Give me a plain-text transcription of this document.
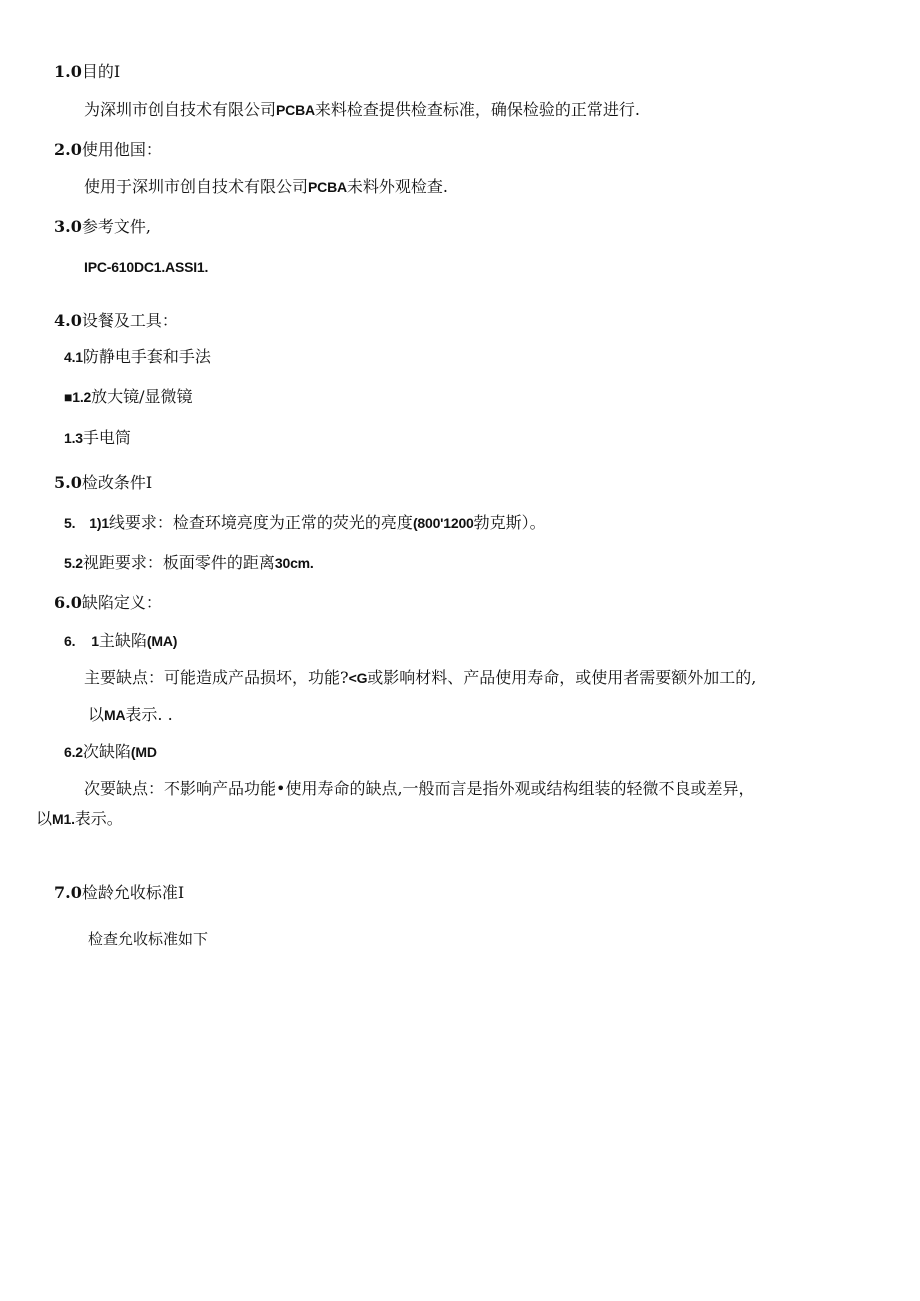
1.0目的I
为深圳市创自技术有限公司PCBA来料检查提供检查标准，确保检验的正常进行.
2.0使用他国：
使用于深圳市创自技术有限公司PCBA未料外观检查.
3.0参考文件,
IPC-610DC1.ASSI1.
4.0设餐及工具：
4.1防静电手套和手法
■1.2放大镜/显微镜
1.3手电筒
5.0检改条件I
5. 1)1线要求：检查环境亮度为正常的荧光的亮度(800'1200勃克斯）。
5.2视距要求：板面零件的距离30cm.
6.0缺陷定义：
6. 1主缺陷(MA)
主要缺点：可能造成产品损坏，功能?<G或影响材料、产品使用寿命，或使用者需要额外加工的,
以MA表示. .
6.2次缺陷(MD
次要缺点：不影响产品功能•使用寿命的缺点,一般而言是指外观或结构组装的轻微不良或差异，
以M1.表示。
7.0检龄允收标准I
检查允收标准如下
